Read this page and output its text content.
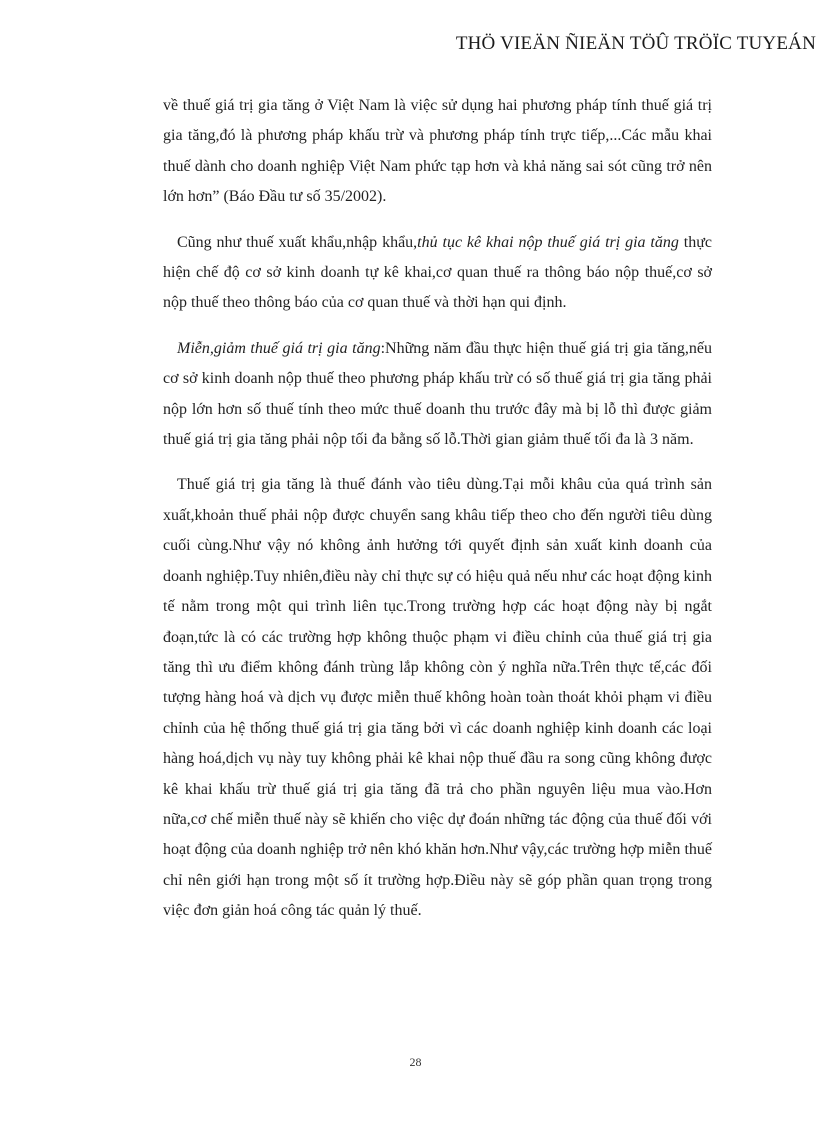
THÖ VIEÄN ÑIEÄN TÖÛ TRÖÏC TUYEÁN

về thuế giá trị gia tăng ở Việt Nam là việc sử dụng hai phương pháp tính thuế giá trị gia tăng,đó là phương pháp khấu trừ và phương pháp tính trực tiếp,...Các mẫu khai thuế dành cho doanh nghiệp Việt Nam phức tạp hơn và khả năng sai sót cũng trở nên lớn hơn” (Báo Đầu tư số 35/2002).

Cũng như thuế xuất khẩu,nhập khẩu,thủ tục kê khai nộp thuế giá trị gia tăng thực hiện chế độ cơ sở kinh doanh tự kê khai,cơ quan thuế ra thông báo nộp thuế,cơ sở nộp thuế theo thông báo của cơ quan thuế và thời hạn qui định.

Miễn,giảm thuế giá trị gia tăng:Những năm đầu thực hiện thuế giá trị gia tăng,nếu cơ sở kinh doanh nộp thuế theo phương pháp khấu trừ có số thuế giá trị gia tăng phải nộp lớn hơn số thuế tính theo mức thuế doanh thu trước đây mà bị lỗ thì được giảm thuế giá trị gia tăng phải nộp tối đa bằng số lỗ.Thời gian giảm thuế tối đa là 3 năm.

Thuế giá trị gia tăng là thuế đánh vào tiêu dùng.Tại mỗi khâu của quá trình sản xuất,khoản thuế phải nộp được chuyển sang khâu tiếp theo cho đến người tiêu dùng cuối cùng.Như vậy nó không ảnh hưởng tới quyết định sản xuất kinh doanh của doanh nghiệp.Tuy nhiên,điều này chỉ thực sự có hiệu quả nếu như các hoạt động kinh tế nằm trong một qui trình liên tục.Trong trường hợp các hoạt động này bị ngắt đoạn,tức là có các trường hợp không thuộc phạm vi điều chỉnh của thuế giá trị gia tăng thì ưu điểm không đánh trùng lắp không còn ý nghĩa nữa.Trên thực tế,các đối tượng hàng hoá và dịch vụ được miễn thuế không hoàn toàn thoát khỏi phạm vi điều chỉnh của hệ thống thuế giá trị gia tăng bởi vì các doanh nghiệp kinh doanh các loại hàng hoá,dịch vụ này tuy không phải kê khai nộp thuế đầu ra song cũng không được kê khai khấu trừ thuế giá trị gia tăng đã trả cho phần nguyên liệu mua vào.Hơn nữa,cơ chế miễn thuế này sẽ khiến cho việc dự đoán những tác động của thuế đối với hoạt động của doanh nghiệp trở nên khó khăn hơn.Như vậy,các trường hợp miễn thuế chỉ nên giới hạn trong một số ít trường hợp.Điều này sẽ góp phần quan trọng trong việc đơn giản hoá công tác quản lý thuế.

28
